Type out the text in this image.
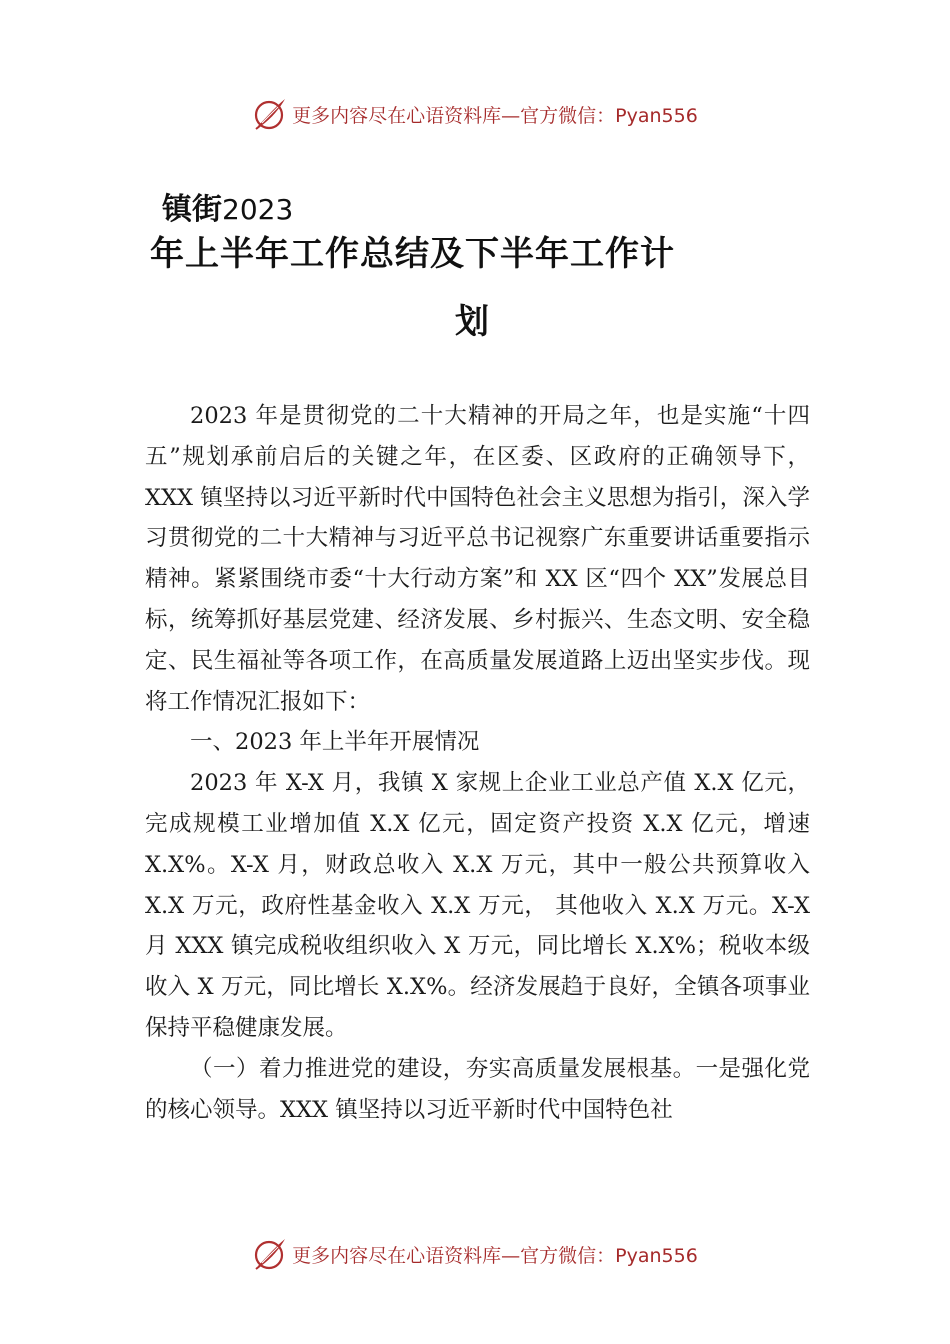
更多内容尽在心语资料库—官方微信：Pyan556
镇街2023
年上半年工作总结及下半年工作计
划

2023 年是贯彻党的二十大精神的开局之年，也是实施“十四五”规划承前启后的关键之年，在区委、区政府的正确领导下，XXX 镇坚持以习近平新时代中国特色社会主义思想为指引，深入学习贯彻党的二十大精神与习近平总书记视察广东重要讲话重要指示精神。紧紧围绕市委“十大行动方案”和 XX 区“四个 XX”发展总目标，统筹抓好基层党建、经济发展、乡村振兴、生态文明、安全稳定、民生福祉等各项工作，在高质量发展道路上迈出坚实步伐。现将工作情况汇报如下：

一、2023 年上半年开展情况

2023 年 X-X 月，我镇 X 家规上企业工业总产值 X.X 亿元，完成规模工业增加值 X.X 亿元，固定资产投资 X.X 亿元，增速 X.X%。X-X 月，财政总收入 X.X 万元，其中一般公共预算收入 X.X 万元，政府性基金收入 X.X 万元， 其他收入 X.X 万元。X-X 月 XXX 镇完成税收组织收入 X 万元，同比增长 X.X%；税收本级收入 X 万元，同比增长 X.X%。经济发展趋于良好，全镇各项事业保持平稳健康发展。

（一）着力推进党的建设，夯实高质量发展根基。一是强化党的核心领导。XXX 镇坚持以习近平新时代中国特色社

更多内容尽在心语资料库—官方微信：Pyan556
